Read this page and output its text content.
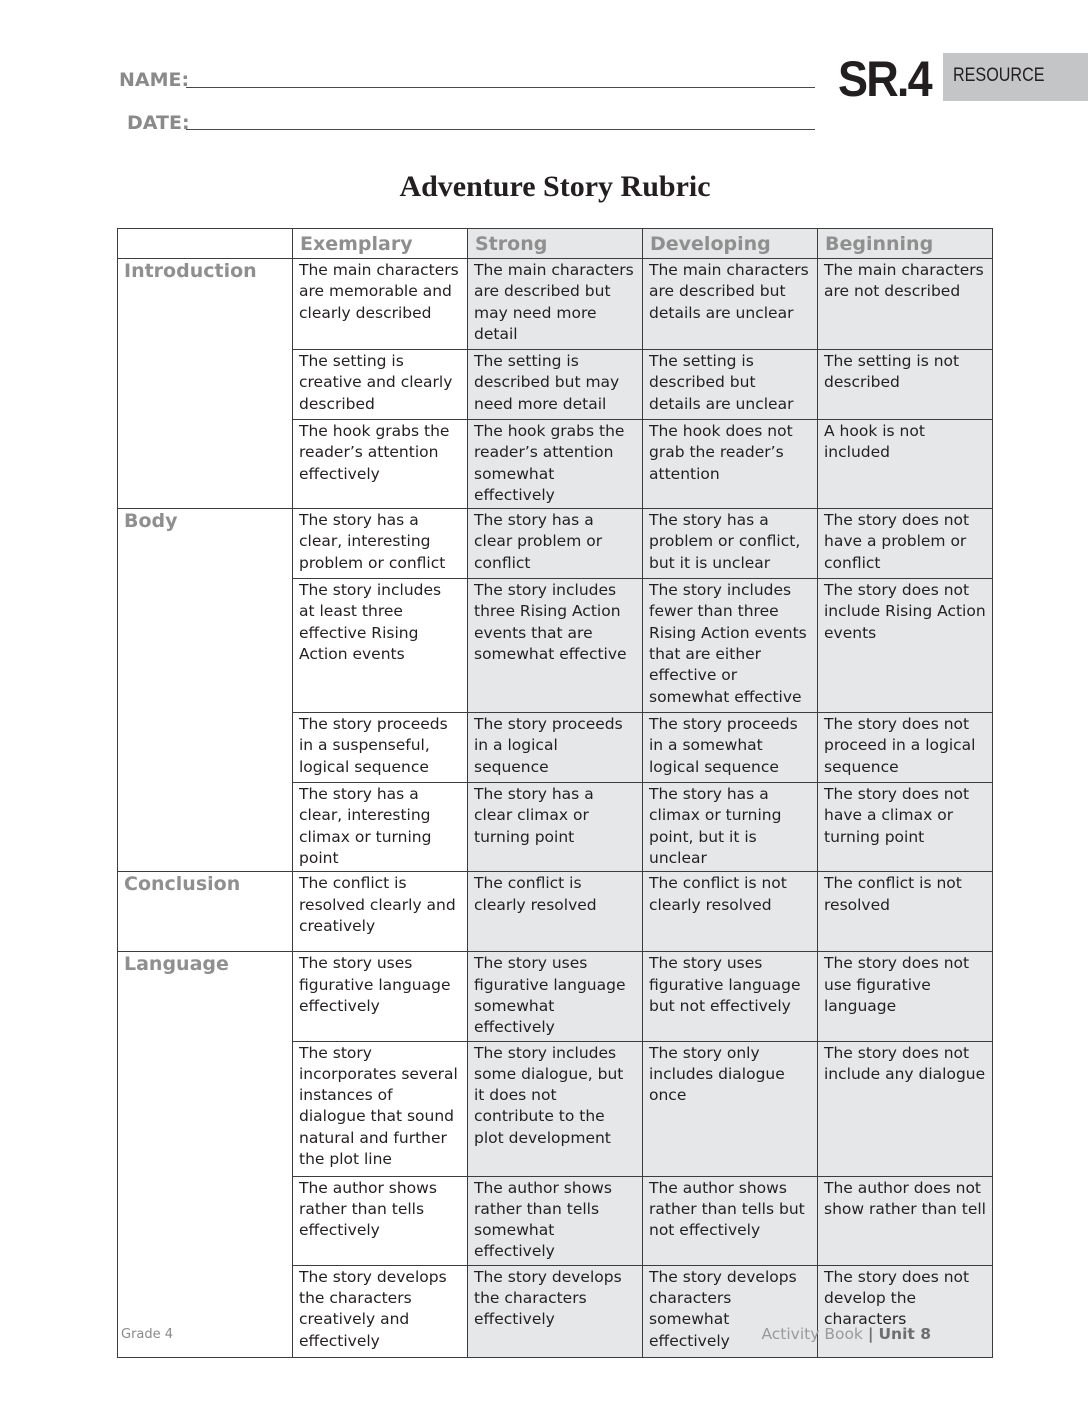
NAME:
DATE:
SR.4 RESOURCE
Adventure Story Rubric
	Exemplary	Strong	Developing	Beginning
Introduction	The main characters are memorable and clearly described	The main characters are described but may need more detail	The main characters are described but details are unclear	The main characters are not described
	The setting is creative and clearly described	The setting is described but may need more detail	The setting is described but details are unclear	The setting is not described
	The hook grabs the reader’s attention effectively	The hook grabs the reader’s attention somewhat effectively	The hook does not grab the reader’s attention	A hook is not included
Body	The story has a clear, interesting problem or conflict	The story has a clear problem or conflict	The story has a problem or conflict, but it is unclear	The story does not have a problem or conflict
	The story includes at least three effective Rising Action events	The story includes three Rising Action events that are somewhat effective	The story includes fewer than three Rising Action events that are either effective or somewhat effective	The story does not include Rising Action events
	The story proceeds in a suspenseful, logical sequence	The story proceeds in a logical sequence	The story proceeds in a somewhat logical sequence	The story does not proceed in a logical sequence
	The story has a clear, interesting climax or turning point	The story has a clear climax or turning point	The story has a climax or turning point, but it is unclear	The story does not have a climax or turning point
Conclusion	The conflict is resolved clearly and creatively	The conflict is clearly resolved	The conflict is not clearly resolved	The conflict is not resolved
Language	The story uses figurative language effectively	The story uses figurative language somewhat effectively	The story uses figurative language but not effectively	The story does not use figurative language
	The story incorporates several instances of dialogue that sound natural and further the plot line	The story includes some dialogue, but it does not contribute to the plot development	The story only includes dialogue once	The story does not include any dialogue
	The author shows rather than tells effectively	The author shows rather than tells somewhat effectively	The author shows rather than tells but not effectively	The author does not show rather than tell
	The story develops the characters creatively and effectively	The story develops the characters effectively	The story develops characters somewhat effectively	The story does not develop the characters
Grade 4	Activity Book | Unit 8
